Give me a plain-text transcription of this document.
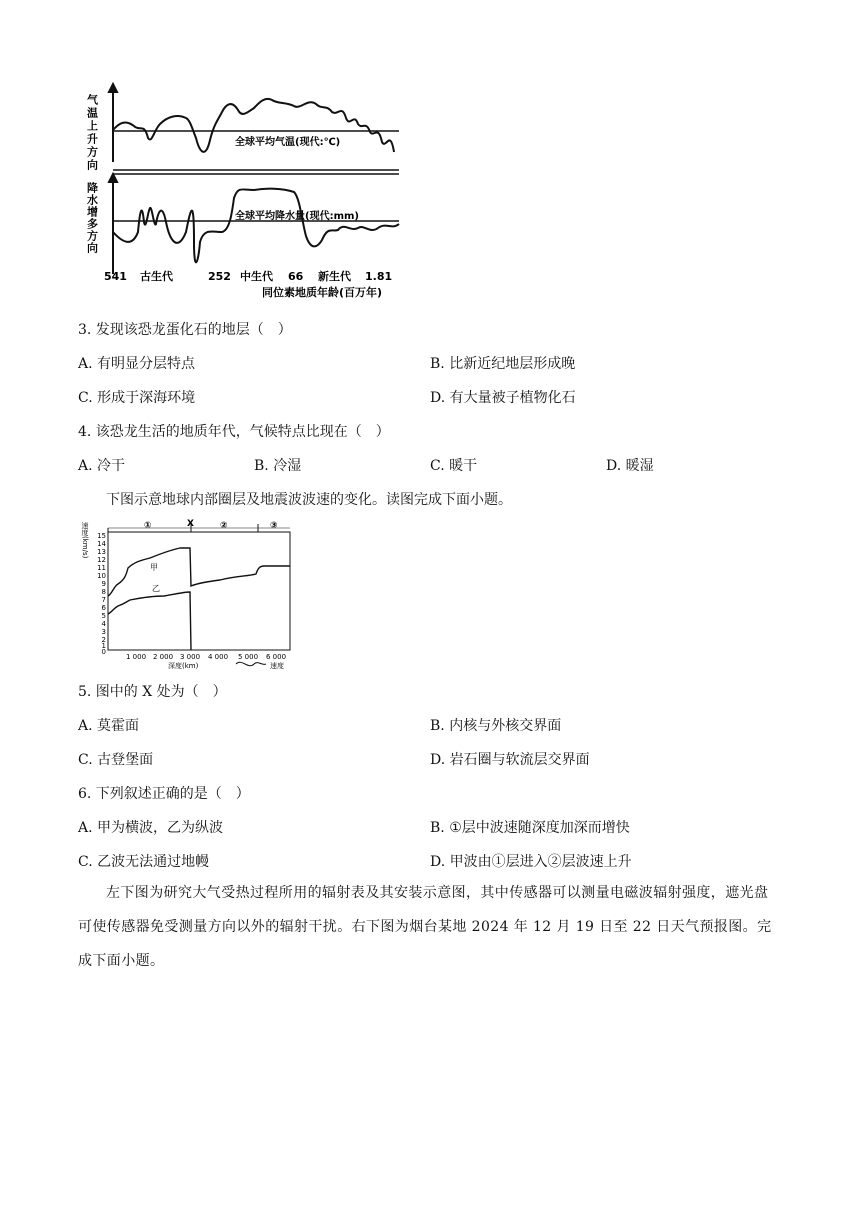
气温上升方向
降水增多方向
全球平均气温(现代:℃)
全球平均降水量(现代:mm)
541 古生代	252 中生代 66 新生代 1.81
同位素地质年龄(百万年)
3. 发现该恐龙蛋化石的地层（　）
A. 有明显分层特点	B. 比新近纪地层形成晚
C. 形成于深海环境	D. 有大量被子植物化石
4. 该恐龙生活的地质年代，气候特点比现在（　）
A. 冷干	B. 冷湿	C. 暖干	D. 暖湿
下图示意地球内部圈层及地震波波速的变化。读图完成下面小题。
速度(km/s)	①	X	②	③
15
14
13
12
11
10
9
8
7
6
5
4
3
2
1
0
甲
乙
1 000 2 000 3 000 4 000 5 000 6 000
深度(km)	速度
5. 图中的 X 处为（　）
A. 莫霍面	B. 内核与外核交界面
C. 古登堡面	D. 岩石圈与软流层交界面
6. 下列叙述正确的是（　）
A. 甲为横波，乙为纵波	B. ①层中波速随深度加深而增快
C. 乙波无法通过地幔	D. 甲波由①层进入②层波速上升
左下图为研究大气受热过程所用的辐射表及其安装示意图，其中传感器可以测量电磁波辐射强度，遮光盘可使传感器免受测量方向以外的辐射干扰。右下图为烟台某地 2024 年 12 月 19 日至 22 日天气预报图。完成下面小题。
